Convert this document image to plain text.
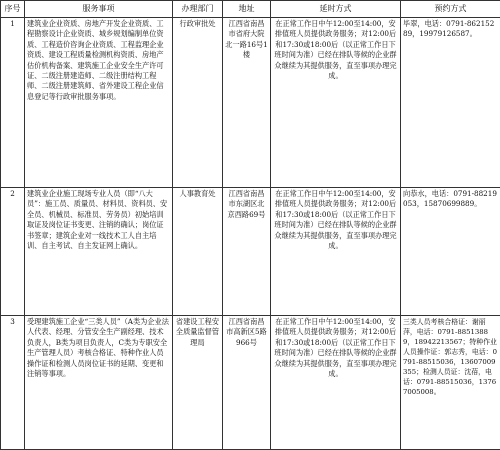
序号	服务事项	办理部门	地址	延时方式	预约方式
1	建筑业企业资质、房地产开发企业资质、工程勘察设计企业资质、城乡规划编制单位资质、工程造价咨询企业资质、工程监理企业资质、建设工程质量检测机构资质、房地产估价机构备案、建筑施工企业安全生产许可证、二级注册建造师、二级注册结构工程师、二级注册建筑师、省外建设工程企业信息登记等行政审批服务事项。	行政审批处	江西省南昌市省府大院北一路16号1楼	在正常工作日中午12:00至14:00，安排值班人员提供政务服务；对12:00后和17:30或18:00后（以正常工作日下班时间为准）已经在排队等候的企业群众继续为其提供服务，直至事项办理完成。	毕翠，电话：0791-86215289，19979126587。
2	建筑业企业施工现场专业人员（即“八大员”：施工员、质量员、材料员、资料员、安全员、机械员、标准员、劳务员）初始培训取证及岗位证书变更、注销的确认；岗位证书签章；建筑企业对一线技术工人自主培训、自主考试、自主发证网上确认。	人事教育处	江西省南昌市东湖区北京西路69号	在正常工作日中午12:00至14:00，安排值班人员提供政务服务；对12:00后和17:30或18:00后（以正常工作日下班时间为准）已经在排队等候的企业群众继续为其提供服务，直至事项办理完成。	向恭水，电话：0791-88219053，15870699889。
3	受理建筑施工企业“三类人员”（A类为企业法人代表、经理、分管安全生产副经理、技术负责人，B类为项目负责人，C类为专职安全生产管理人员）考核合格证、特种作业人员操作证和检测人员岗位证书的延期、变更和注销等事项。	省建设工程安全质量监督管理局	江西省南昌市高新区5路966号	在正常工作日中午12:00至14:00，安排值班人员提供政务服务；对12:00后和17:30或18:00后（以正常工作日下班时间为准）已经在排队等候的企业群众继续为其提供服务，直至事项办理完成。	三类人员考核合格证：谢丽萍，电话：0791-88513889，18942213567；特种作业人员操作证：郭志秀，电话：0791-88515036，13607009355；检测人员证：沈蓓，电话：0791-88515036，13767005008。
